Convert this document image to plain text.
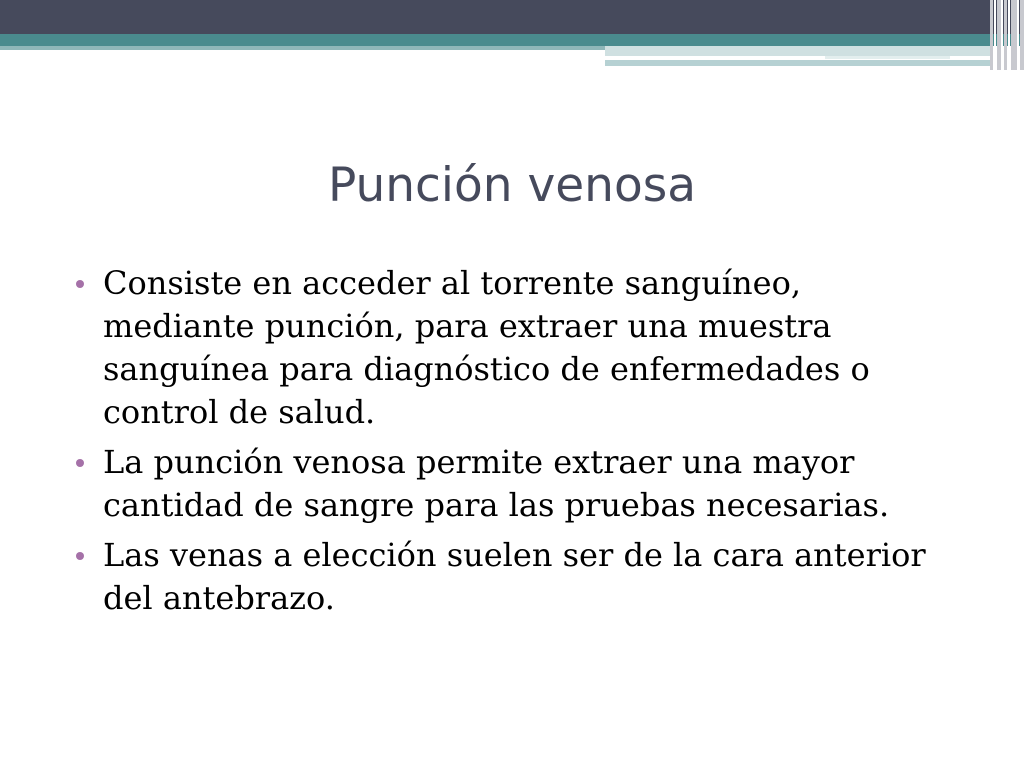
Punción venosa
Consiste en acceder al torrente sanguíneo, mediante punción, para extraer una muestra sanguínea para diagnóstico de enfermedades o control de salud.
La punción venosa permite extraer una mayor cantidad de sangre para las pruebas necesarias.
Las venas a elección suelen ser de la cara anterior del antebrazo.
